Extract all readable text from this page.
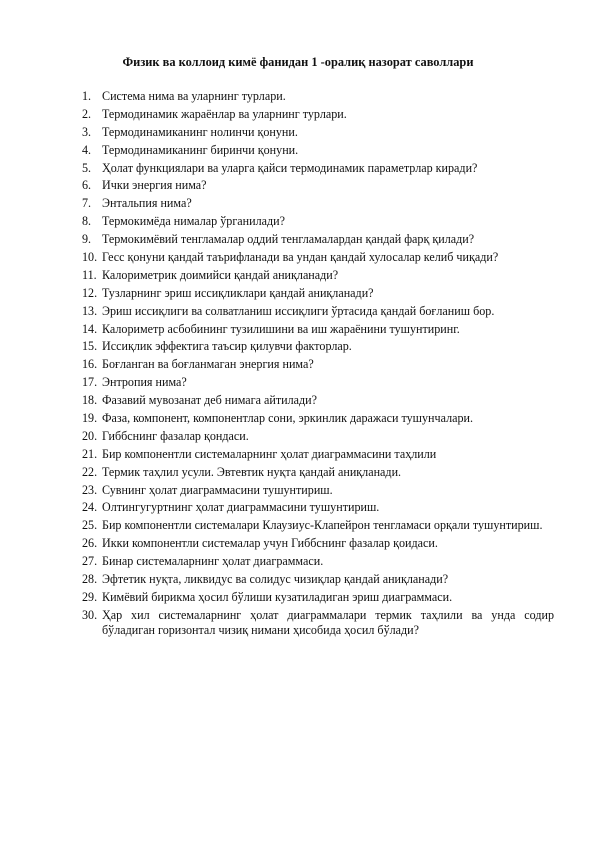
Физик ва коллоид кимё фанидан 1 -оралиқ назорат саволлари
1. Система нима ва уларнинг турлари.
2. Термодинамик жараёнлар ва уларнинг турлари.
3. Термодинамиканинг нолинчи қонуни.
4. Термодинамиканинг биринчи қонуни.
5. Ҳолат функциялари ва уларга қайси термодинамик параметрлар киради?
6. Ички энергия нима?
7. Энтальпия нима?
8. Термокимёда нималар ўрганилади?
9. Термокимёвий тенгламалар оддий тенгламалардан қандай фарқ қилади?
10. Гесс қонуни қандай таърифланади ва ундан қандай хулосалар келиб чиқади?
11. Калориметрик доимийси қандай аниқланади?
12. Тузларнинг эриш иссиқликлари қандай аниқланади?
13. Эриш иссиқлиги ва солватланиш иссиқлиги ўртасида қандай боғланиш бор.
14. Калориметр асбобининг тузилишини ва иш жараёнини тушунтиринг.
15. Иссиқлик эффектига таъсир қилувчи факторлар.
16. Боғланган ва боғланмаган энергия нима?
17. Энтропия нима?
18. Фазавий мувозанат деб нимага айтилади?
19. Фаза, компонент, компонентлар сони, эркинлик даражаси тушунчалари.
20. Гиббснинг фазалар қондаси.
21. Бир компонентли системаларнинг ҳолат диаграммасини таҳлили
22. Термик таҳлил усули. Эвтевтик нуқта қандай аниқланади.
23. Сувнинг ҳолат диаграммасини тушунтириш.
24. Олтингугуртнинг ҳолат диаграммасини тушунтириш.
25. Бир компонентли системалари Клаузиус-Клапейрон тенгламаси орқали тушунтириш.
26. Икки компонентли системалар учун Гиббснинг фазалар қоидаси.
27. Бинар системаларнинг ҳолат диаграммаси.
28. Эфтетик нуқта, ликвидус ва солидус чизиқлар қандай аниқланади?
29. Кимёвий бирикма ҳосил бўлиши кузатиладиган эриш диаграммаси.
30. Ҳар хил системаларнинг ҳолат диаграммалари термик таҳлили ва унда содир бўладиган горизонтал чизиқ нимани ҳисобида ҳосил бўлади?
